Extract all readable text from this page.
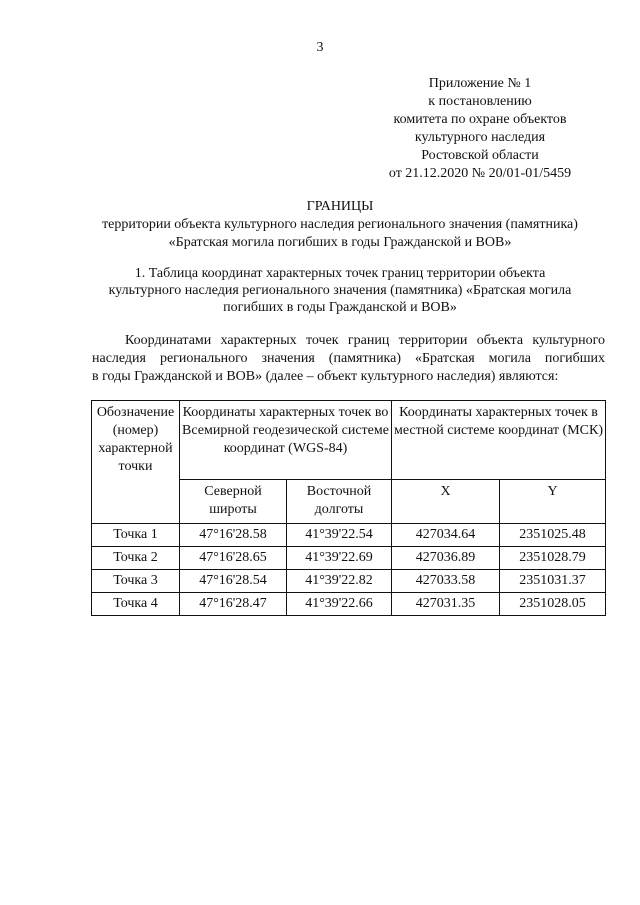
3
Приложение № 1
к постановлению
комитета по охране объектов
культурного наследия
Ростовской области
от 21.12.2020 № 20/01-01/5459
ГРАНИЦЫ
территории объекта культурного наследия регионального значения (памятника)
«Братская могила погибших в годы Гражданской и ВОВ»
1. Таблица координат характерных точек границ территории объекта
культурного наследия регионального значения (памятника) «Братская могила
погибших в годы Гражданской и ВОВ»
Координатами характерных точек границ территории объекта культурного
наследия регионального значения (памятника) «Братская могила погибших
в годы Гражданской и ВОВ» (далее – объект культурного наследия) являются:
Обозначение (номер) характерной точки	Координаты характерных точек во Всемирной геодезической системе координат (WGS-84)		Координаты характерных точек в местной системе координат (МСК)	
	Северной широты	Восточной долготы	X	Y
Точка 1	47°16'28.58	41°39'22.54	427034.64	2351025.48
Точка 2	47°16'28.65	41°39'22.69	427036.89	2351028.79
Точка 3	47°16'28.54	41°39'22.82	427033.58	2351031.37
Точка 4	47°16'28.47	41°39'22.66	427031.35	2351028.05
